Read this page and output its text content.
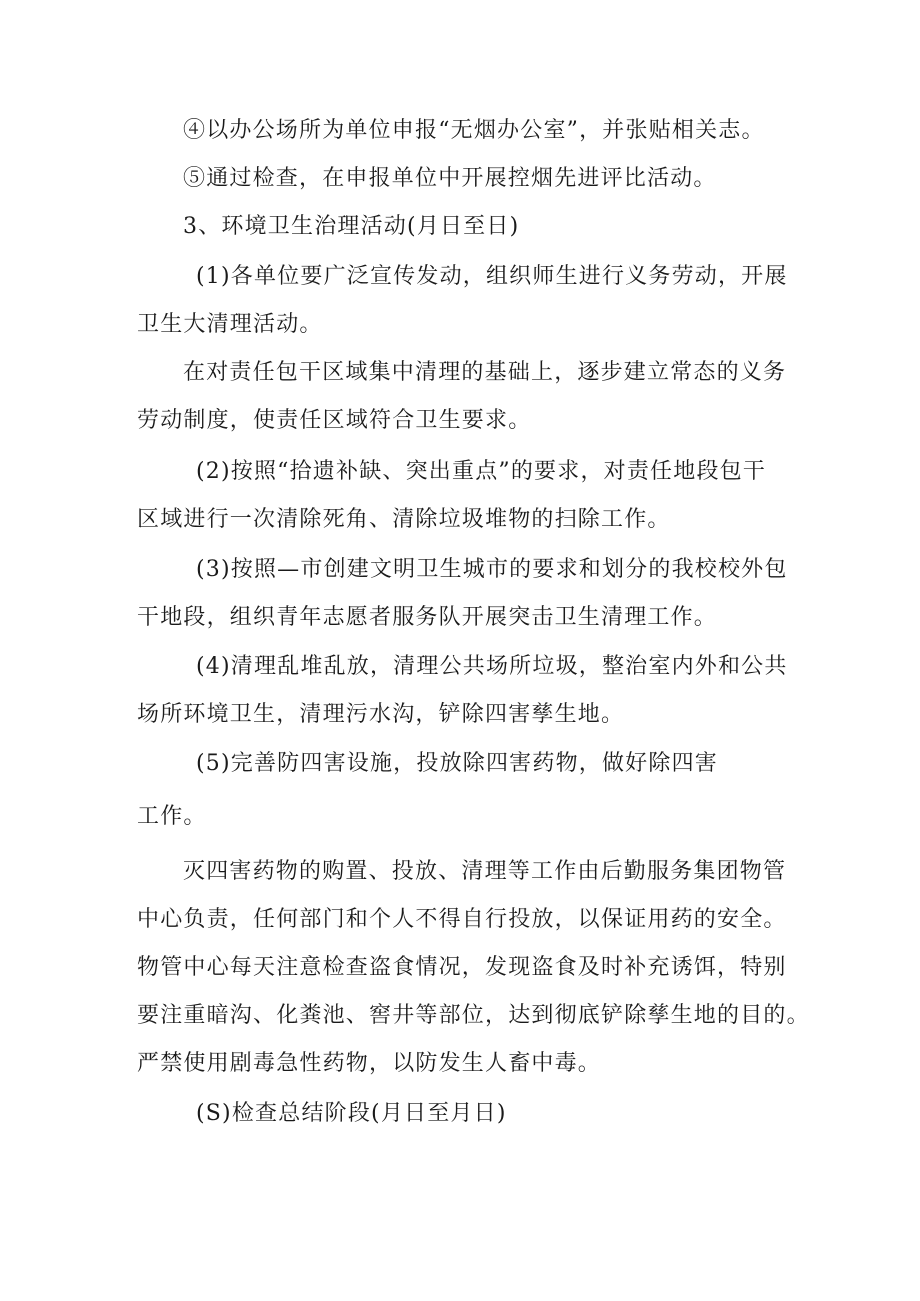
④以办公场所为单位申报“无烟办公室”，并张贴相关志。
⑤通过检查，在申报单位中开展控烟先进评比活动。
3、环境卫生治理活动(月日至日)
(1)各单位要广泛宣传发动，组织师生进行义务劳动，开展
卫生大清理活动。
在对责任包干区域集中清理的基础上，逐步建立常态的义务
劳动制度，使责任区域符合卫生要求。
(2)按照“拾遗补缺、突出重点”的要求，对责任地段包干
区域进行一次清除死角、清除垃圾堆物的扫除工作。
(3)按照—市创建文明卫生城市的要求和划分的我校校外包
干地段，组织青年志愿者服务队开展突击卫生清理工作。
(4)清理乱堆乱放，清理公共场所垃圾，整治室内外和公共
场所环境卫生，清理污水沟，铲除四害孳生地。
(5)完善防四害设施，投放除四害药物，做好除四害
工作。
灭四害药物的购置、投放、清理等工作由后勤服务集团物管
中心负责，任何部门和个人不得自行投放，以保证用药的安全。
物管中心每天注意检查盗食情况，发现盗食及时补充诱饵，特别
要注重暗沟、化粪池、窖井等部位，达到彻底铲除孳生地的目的。
严禁使用剧毒急性药物，以防发生人畜中毒。
(S)检查总结阶段(月日至月日)
